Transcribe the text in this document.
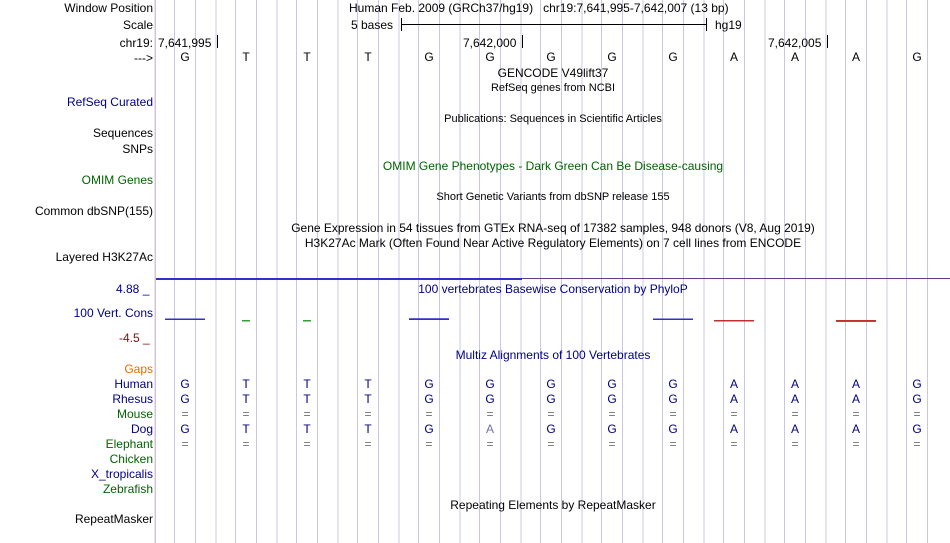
Window Position	Human Feb. 2009 (GRCh37/hg19)   chr19:7,641,995-7,642,007 (13 bp)
Scale	5 bases	hg19
chr19: 7,641,995	7,642,000	7,642,005
--->	G	T	T	T	G	G	G	G	G	A	A	A	G
GENCODE V49lift37
RefSeq genes from NCBI
RefSeq Curated
Publications: Sequences in Scientific Articles
Sequences
SNPs
OMIM Gene Phenotypes - Dark Green Can Be Disease-causing
OMIM Genes
Short Genetic Variants from dbSNP release 155
Common dbSNP(155)
Gene Expression in 54 tissues from GTEx RNA-seq of 17382 samples, 948 donors (V8, Aug 2019)
H3K27Ac Mark (Often Found Near Active Regulatory Elements) on 7 cell lines from ENCODE
Layered H3K27Ac
4.88 _	100 vertebrates Basewise Conservation by PhyloP
100 Vert. Cons
-4.5 _
Multiz Alignments of 100 Vertebrates
Gaps
Human	G	T	T	T	G	G	G	G	G	A	A	A	G
Rhesus	G	T	T	T	G	G	G	G	G	A	A	A	G
Mouse	=	=	=	=	=	=	=	=	=	=	=	=	=
Dog	G	T	T	T	G	A	G	G	G	A	A	A	G
Elephant	=	=	=	=	=	=	=	=	=	=	=	=	=
Chicken
X_tropicalis
Zebrafish
Repeating Elements by RepeatMasker
RepeatMasker
